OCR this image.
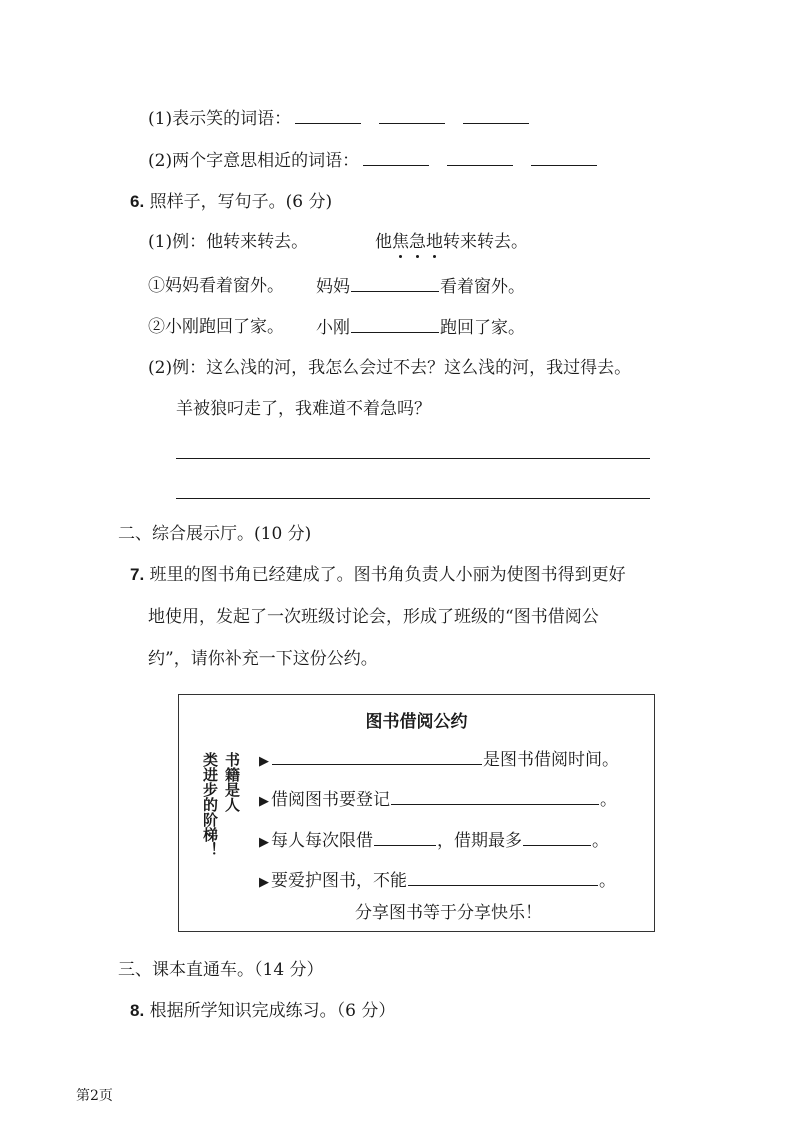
(1)表示笑的词语：
(2)两个字意思相近的词语：
6. 照样子，写句子。(6 分)
(1)例：他转来转去。	他焦急地转来转去。
①妈妈看着窗外。 妈妈	看着窗外。
②小刚跑回了家。 小刚	跑回了家。
(2)例：这么浅的河，我怎么会过不去？这么浅的河，我过得去。
羊被狼叼走了，我难道不着急吗？
二、综合展示厅。(10 分)
7. 班里的图书角已经建成了。图书角负责人小丽为使图书得到更好
地使用，发起了一次班级讨论会，形成了班级的“图书借阅公
约”，请你补充一下这份公约。
图书借阅公约
书籍是人
类进步的阶梯！	▶	是图书借阅时间。
▶ 借阅图书要登记	。
▶ 每人每次限借	，借期最多	。
▶ 要爱护图书，不能	。
分享图书等于分享快乐！
三、课本直通车。（14 分）
8. 根据所学知识完成练习。（6 分）
第2页
